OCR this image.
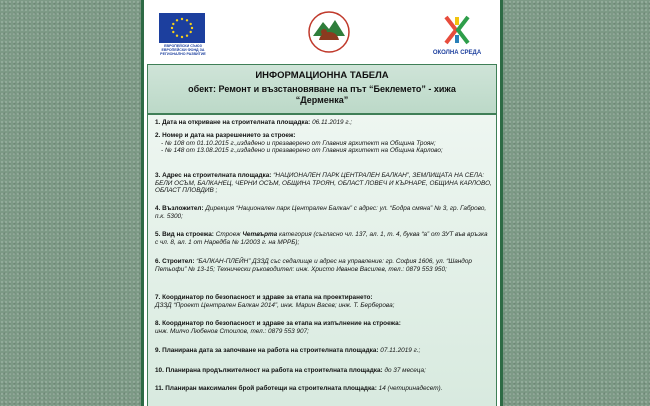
ЕВРОПЕЙСКИ СЪЮЗ ЕВРОПЕЙСКИ ФОНД ЗА РЕГИОНАЛНО РАЗВИТИЕ	ОКОЛНА СРЕДА
ИНФОРМАЦИОННА ТАБЕЛА
обект: Ремонт и възстановяване на път “Беклемето” - хижа “Дерменка”
1. Дата на откриване на строителната площадка: 06.11.2019 г.;
2. Номер и дата на разрешението за строеж:
- № 108 от 01.10.2015 г.,издадено и презаверено от Главния архитект на Община Троян;
- № 148 от 13.08.2015 г.,издадено и презаверено от Главния архитект на Община Карлово;
3. Адрес на строителната площадка: “НАЦИОНАЛЕН ПАРК ЦЕНТРАЛЕН БАЛКАН”, ЗЕМЛИЩАТА НА СЕЛА: БЕЛИ ОСЪМ, БАЛКАНЕЦ, ЧЕРНИ ОСЪМ, ОБЩИНА ТРОЯН, ОБЛАСТ ЛОВЕЧ И КЪРНАРЕ, ОБЩИНА КАРЛОВО, ОБЛАСТ ПЛОВДИВ ;
4. Възложител: Дирекция “Национален парк Централен Балкан” с адрес: ул. “Бодра смяна” № 3, гр. Габрово, п.к. 5300;
5. Вид на строежа: Строеж Четвърта категория (съгласно чл. 137, ал. 1, т. 4, буква “а” от ЗУТ във връзка с чл. 8, ал. 1 от Наредба № 1/2003 г. на МРРБ);
6. Строител: “БАЛКАН-ПЛЕЙН” ДЗЗД със седалище и адрес на управление: гр. София 1606, ул. “Шандор Петьофи” № 13-15; Технически ръководител: инж. Христо Иванов Василев, тел.: 0879 553 950;
7. Координатор по безопасност и здраве за етапа на проектирането:
ДЗЗД “Проект Централен Балкан 2014”, инж. Марин Васев; инж. Т. Берберова;
8. Координатор по безопасност и здраве за етапа на изпълнение на строежа:
инж. Милчо Любенов Стоилов, тел.: 0879 553 907;
9. Планирана дата за започване на работа на строителната площадка: 07.11.2019 г.;
10. Планирана продължителност на работа на строителната площадка: до 37 месеца;
11. Планиран максимален брой работещи на строителната площадка: 14 (четиринадесет).
